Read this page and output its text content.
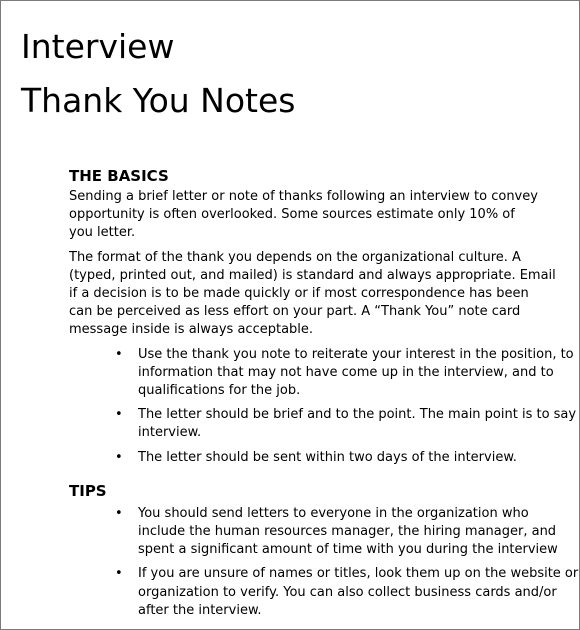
Interview
Thank You Notes
THE BASICS

Sending a brief letter or note of thanks following an interview to convey
opportunity is often overlooked. Some sources estimate only 10% of
you letter.

The format of the thank you depends on the organizational culture. A
(typed, printed out, and mailed) is standard and always appropriate. Email
if a decision is to be made quickly or if most correspondence has been
can be perceived as less effort on your part. A “Thank You” note card
message inside is always acceptable.

• Use the thank you note to reiterate your interest in the position, to
information that may not have come up in the interview, and to
qualifications for the job.
• The letter should be brief and to the point. The main point is to say
interview.
• The letter should be sent within two days of the interview.
TIPS
• You should send letters to everyone in the organization who
include the human resources manager, the hiring manager, and
spent a significant amount of time with you during the interview
• If you are unsure of names or titles, look them up on the website or
organization to verify. You can also collect business cards and/or
after the interview.
